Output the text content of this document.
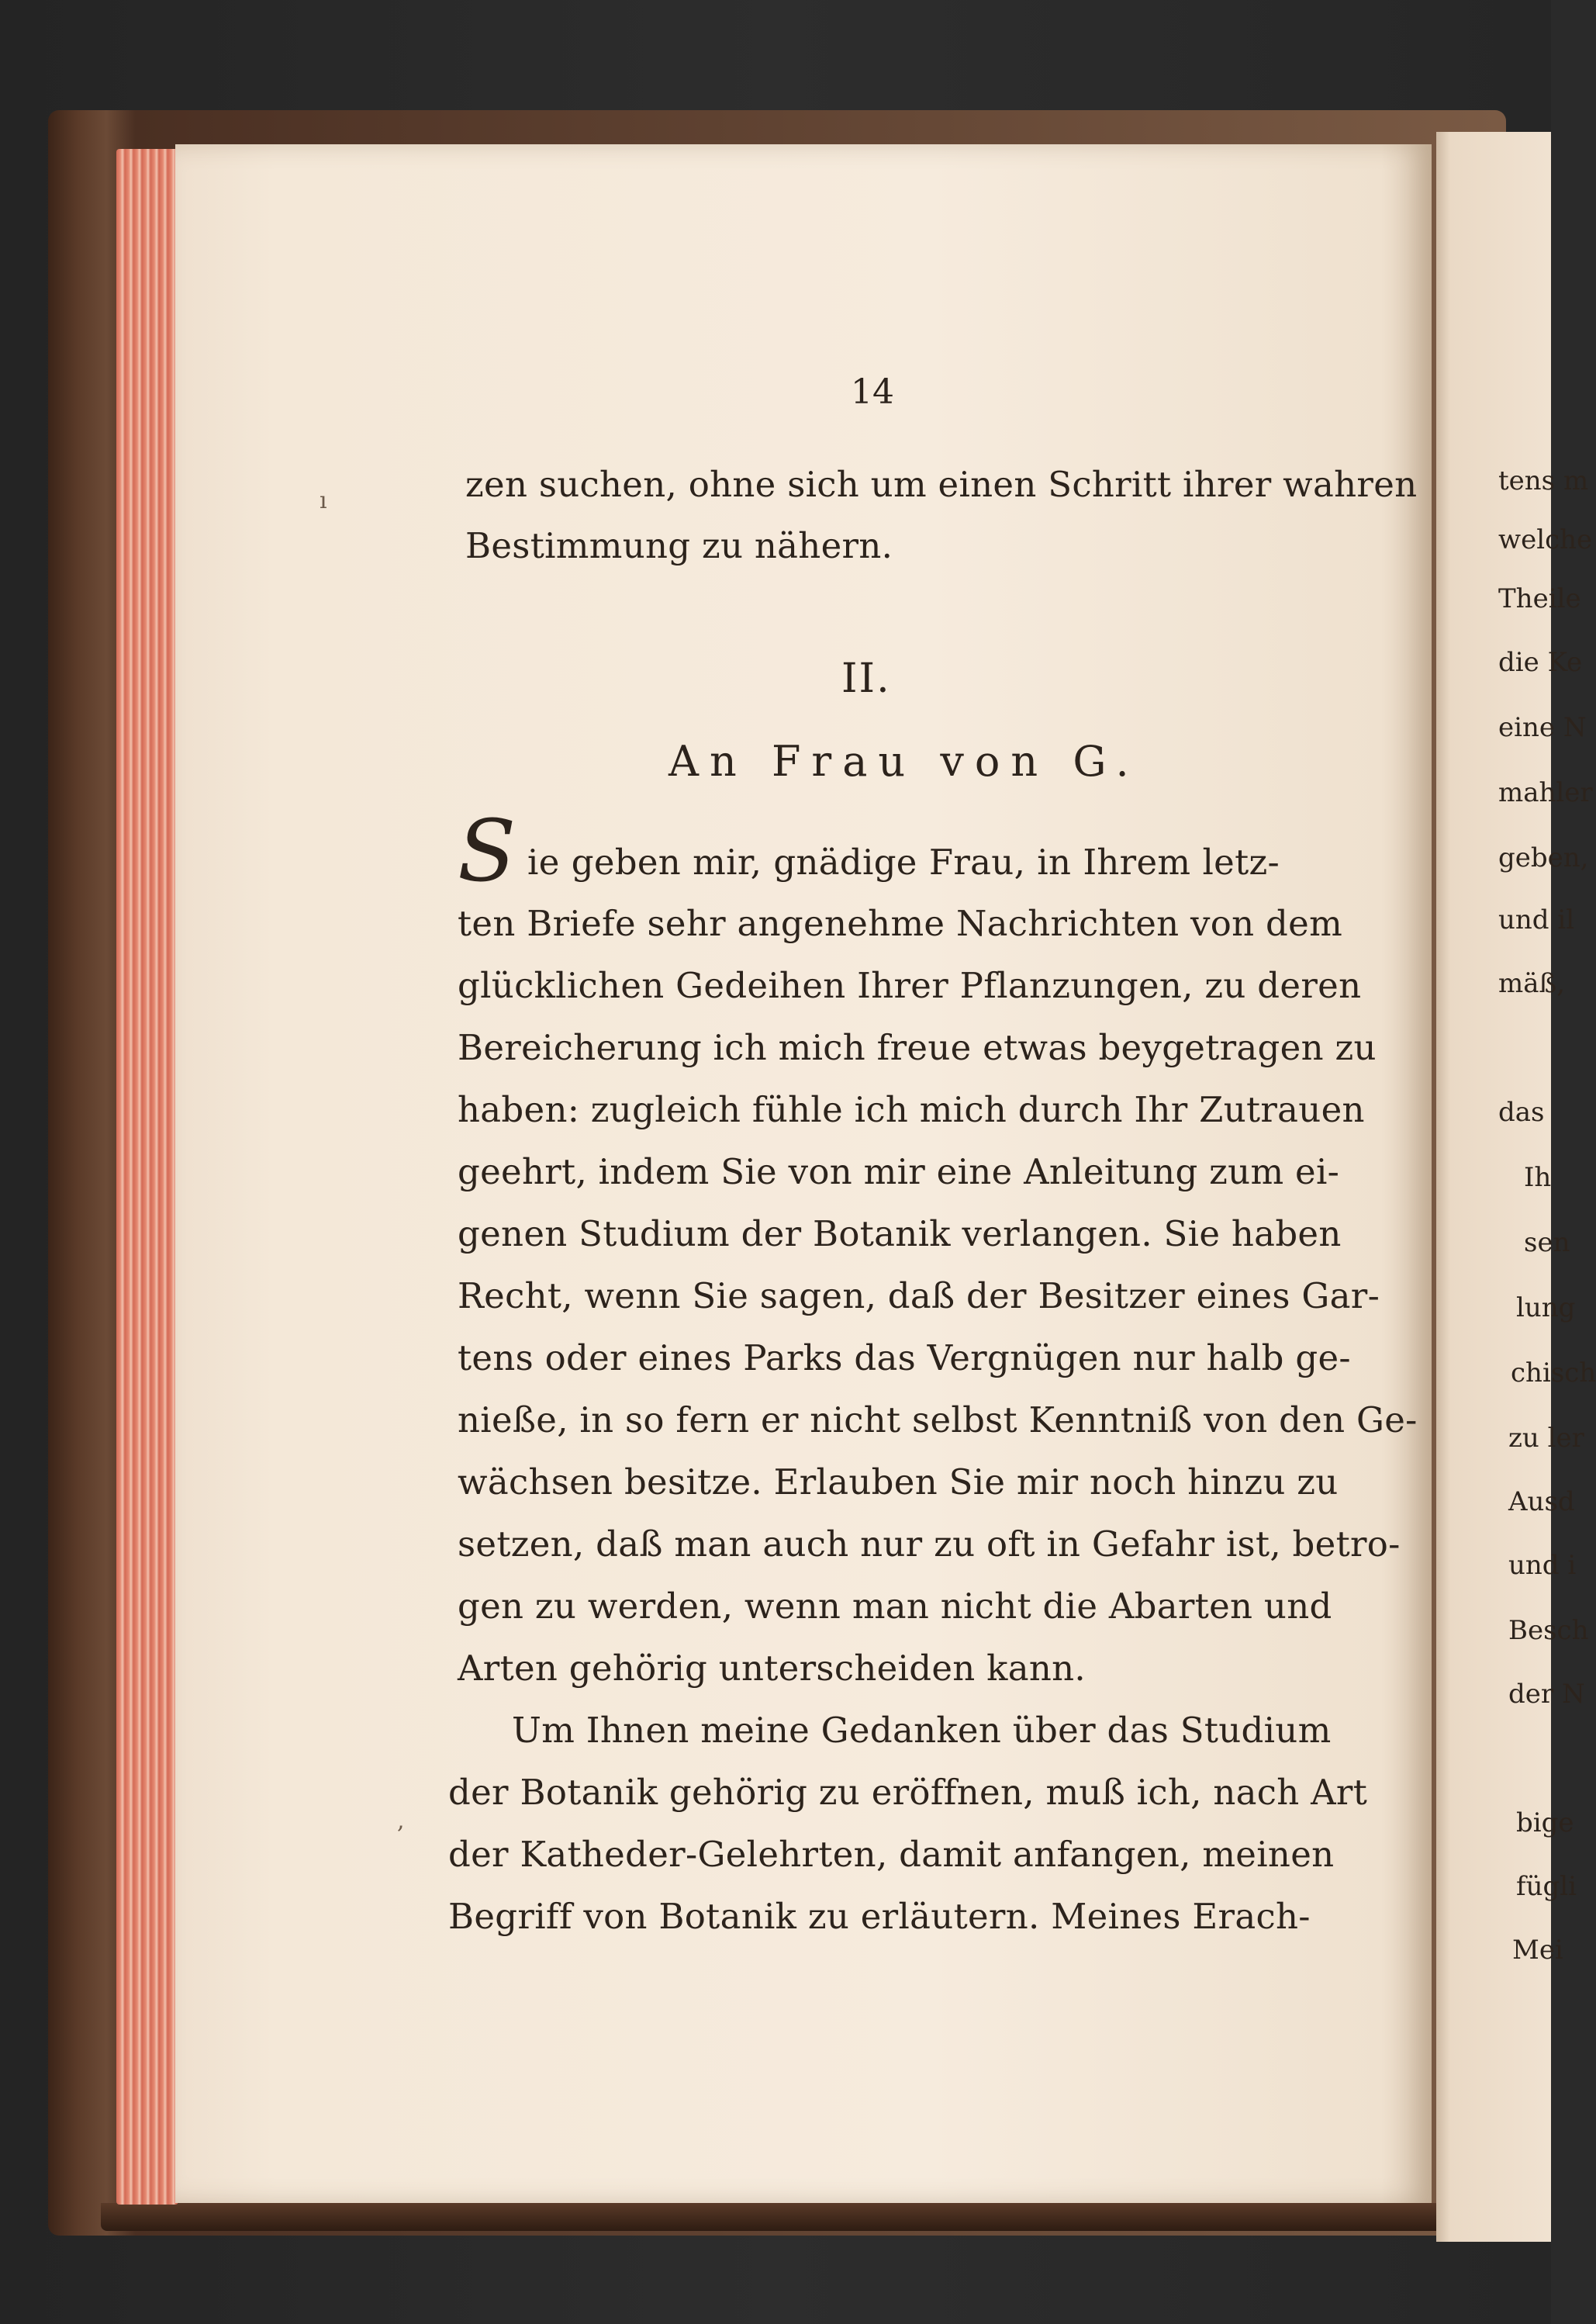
14
zen suchen, ohne sich um einen Schritt ihrer wahren
Bestimmung zu nähern.
II.
An Frau von G.
S ie geben mir, gnädige Frau, in Ihrem letz-
ten Briefe sehr angenehme Nachrichten von dem
glücklichen Gedeihen Ihrer Pflanzungen, zu deren
Bereicherung ich mich freue etwas beygetragen zu
haben: zugleich fühle ich mich durch Ihr Zutrauen
geehrt, indem Sie von mir eine Anleitung zum ei-
genen Studium der Botanik verlangen. Sie haben
Recht, wenn Sie sagen, daß der Besitzer eines Gar-
tens oder eines Parks das Vergnügen nur halb ge-
nieße, in so fern er nicht selbst Kenntniß von den Ge-
wächsen besitze. Erlauben Sie mir noch hinzu zu
setzen, daß man auch nur zu oft in Gefahr ist, betro-
gen zu werden, wenn man nicht die Abarten und
Arten gehörig unterscheiden kann.
Um Ihnen meine Gedanken über das Studium
der Botanik gehörig zu eröffnen, muß ich, nach Art
der Katheder-Gelehrten, damit anfangen, meinen
Begriff von Botanik zu erläutern. Meines Erach-
ı
,
tens m
welche
Theile
die Ke
eine N
mahler
geben,
und il
mäß,
das
Ih
sen
lung
chisch
zu ler
Ausd
und i
Besch
der N
bige
fügli
Mei
